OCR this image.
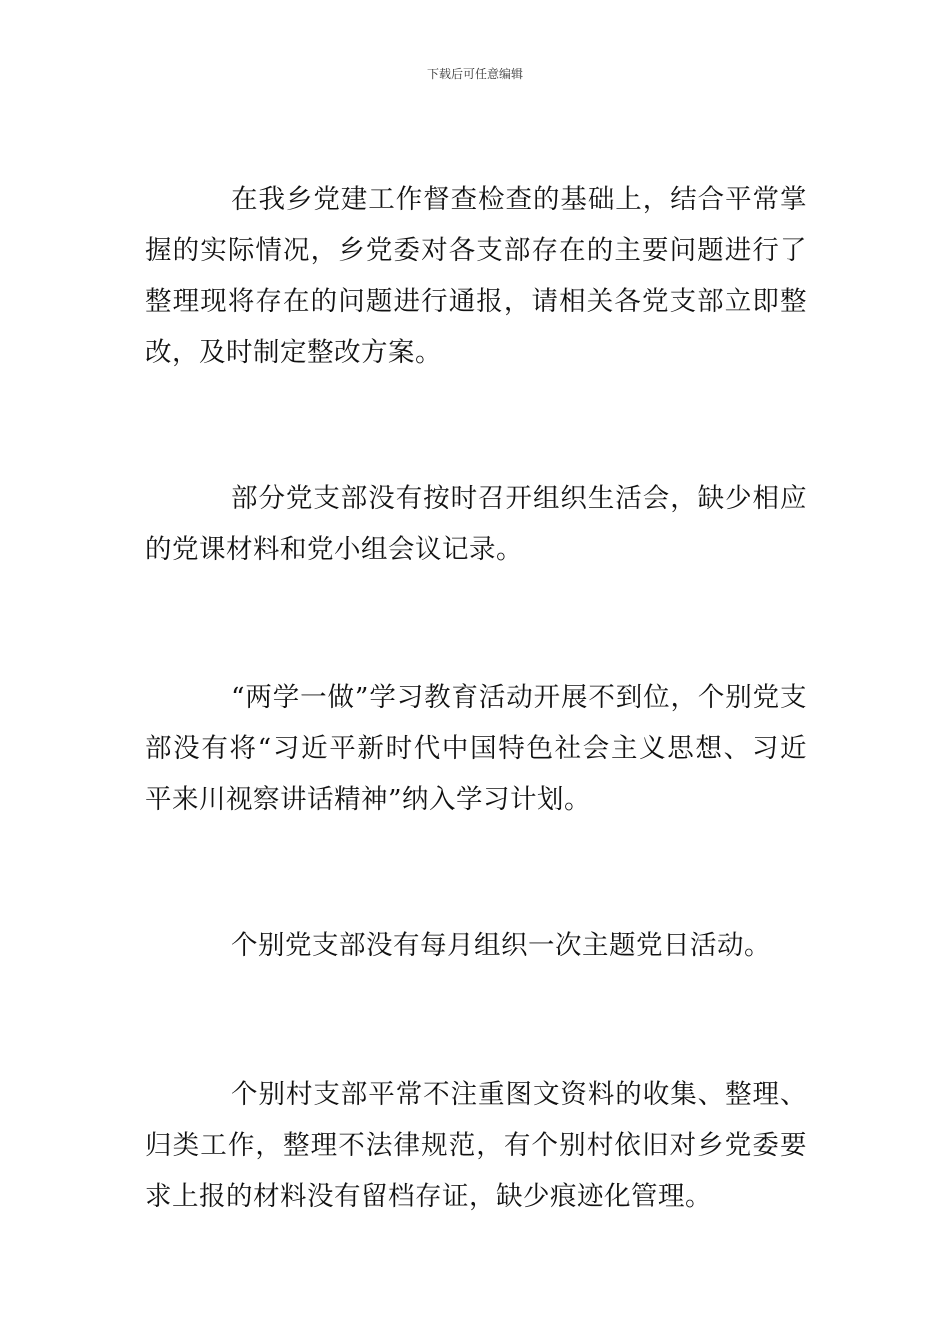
下载后可任意编辑

在我乡党建工作督查检查的基础上，结合平常掌握的实际情况，乡党委对各支部存在的主要问题进行了整理现将存在的问题进行通报，请相关各党支部立即整改，及时制定整改方案。

部分党支部没有按时召开组织生活会，缺少相应的党课材料和党小组会议记录。

“两学一做”学习教育活动开展不到位，个别党支部没有将“习近平新时代中国特色社会主义思想、习近平来川视察讲话精神”纳入学习计划。

个别党支部没有每月组织一次主题党日活动。

个别村支部平常不注重图文资料的收集、整理、归类工作，整理不法律规范，有个别村依旧对乡党委要求上报的材料没有留档存证，缺少痕迹化管理。
